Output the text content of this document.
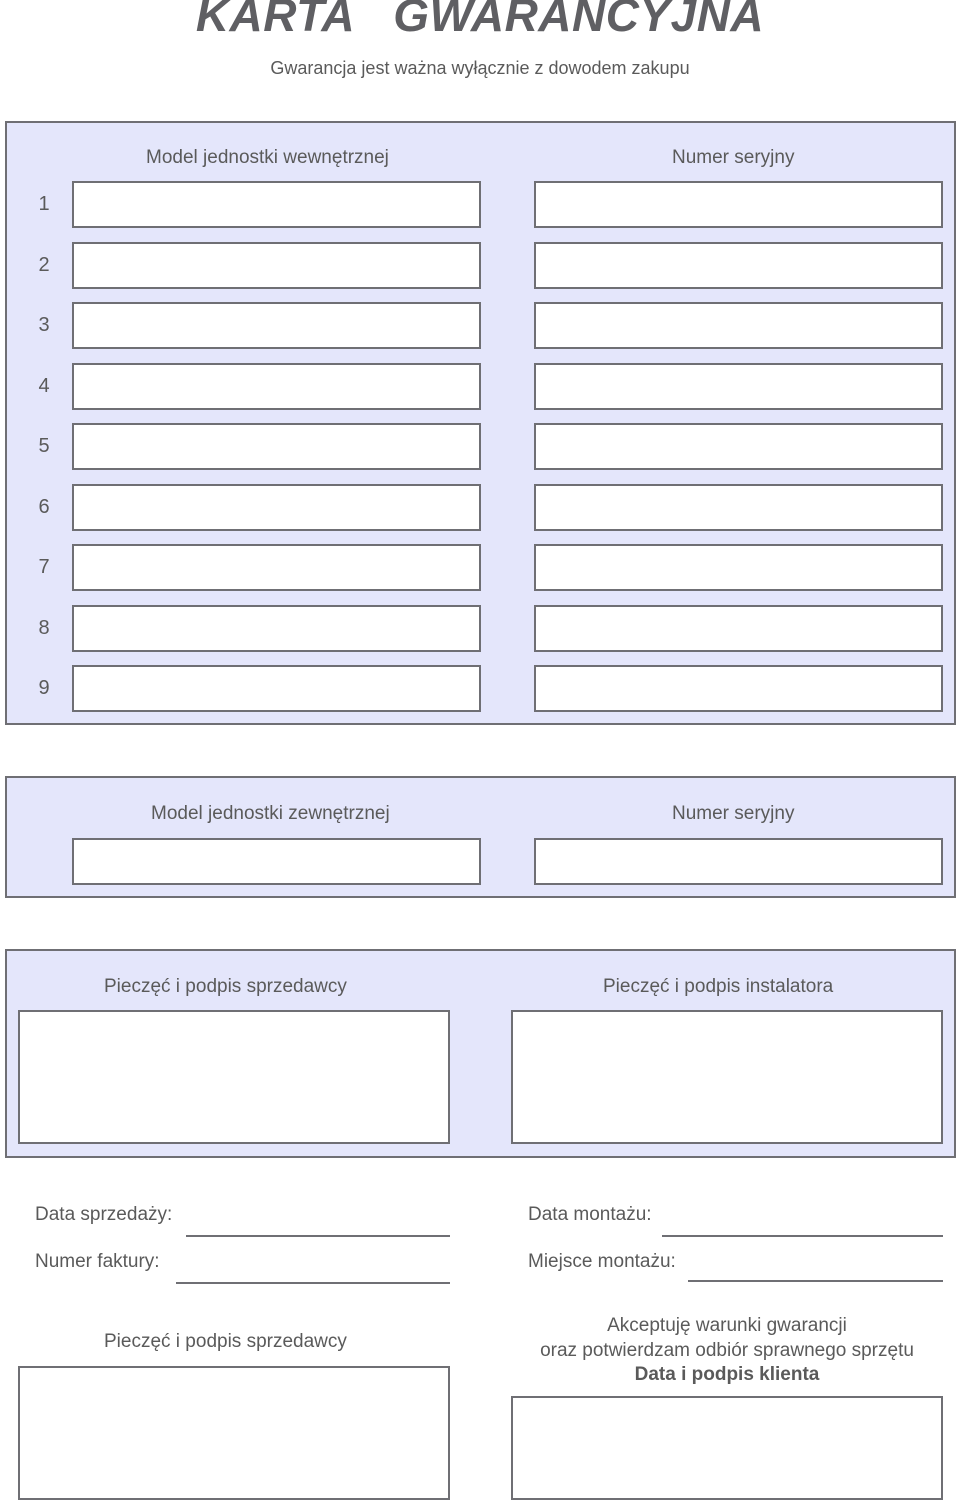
KARTA   GWARANCYJNA
Gwarancja jest ważna wyłącznie z dowodem zakupu
Model jednostki wewnętrznej	Numer seryjny
1
2
3
4
5
6
7
8
9
Model jednostki zewnętrznej	Numer seryjny
Pieczęć i podpis sprzedawcy	Pieczęć i podpis instalatora
Data sprzedaży:
Numer faktury:
Data montażu:
Miejsce montażu:
Pieczęć i podpis sprzedawcy
Akceptuję warunki gwarancji
oraz potwierdzam odbiór sprawnego sprzętu
Data i podpis klienta
